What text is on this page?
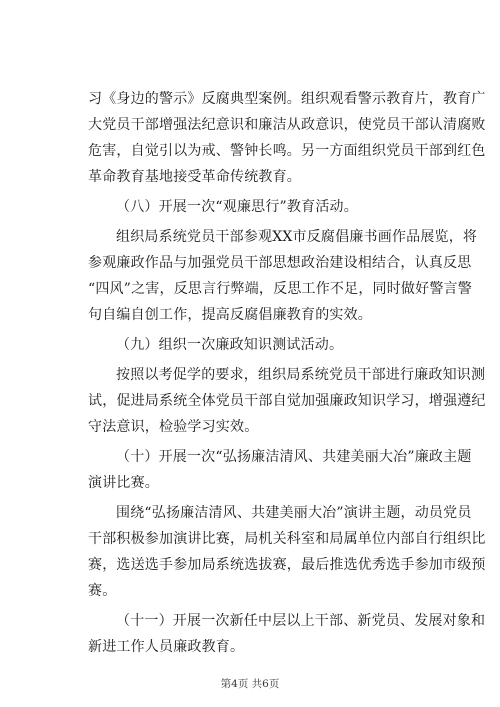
习《身边的警示》反腐典型案例。组织观看警示教育片，教育广
大党员干部增强法纪意识和廉洁从政意识，使党员干部认清腐败
危害，自觉引以为戒、警钟长鸣。另一方面组织党员干部到红色
革命教育基地接受革命传统教育。

（八）开展一次“观廉思行”教育活动。

组织局系统党员干部参观XX市反腐倡廉书画作品展览，将
参观廉政作品与加强党员干部思想政治建设相结合，认真反思
“四风”之害，反思言行弊端，反思工作不足，同时做好警言警
句自编自创工作，提高反腐倡廉教育的实效。

（九）组织一次廉政知识测试活动。

按照以考促学的要求，组织局系统党员干部进行廉政知识测
试，促进局系统全体党员干部自觉加强廉政知识学习，增强遵纪
守法意识，检验学习实效。

（十）开展一次“弘扬廉洁清风、共建美丽大冶”廉政主题
演讲比赛。

围绕“弘扬廉洁清风、共建美丽大冶”演讲主题，动员党员
干部积极参加演讲比赛，局机关科室和局属单位内部自行组织比
赛，选送选手参加局系统选拔赛，最后推选优秀选手参加市级预
赛。

（十一）开展一次新任中层以上干部、新党员、发展对象和
新进工作人员廉政教育。

第4页 共6页
